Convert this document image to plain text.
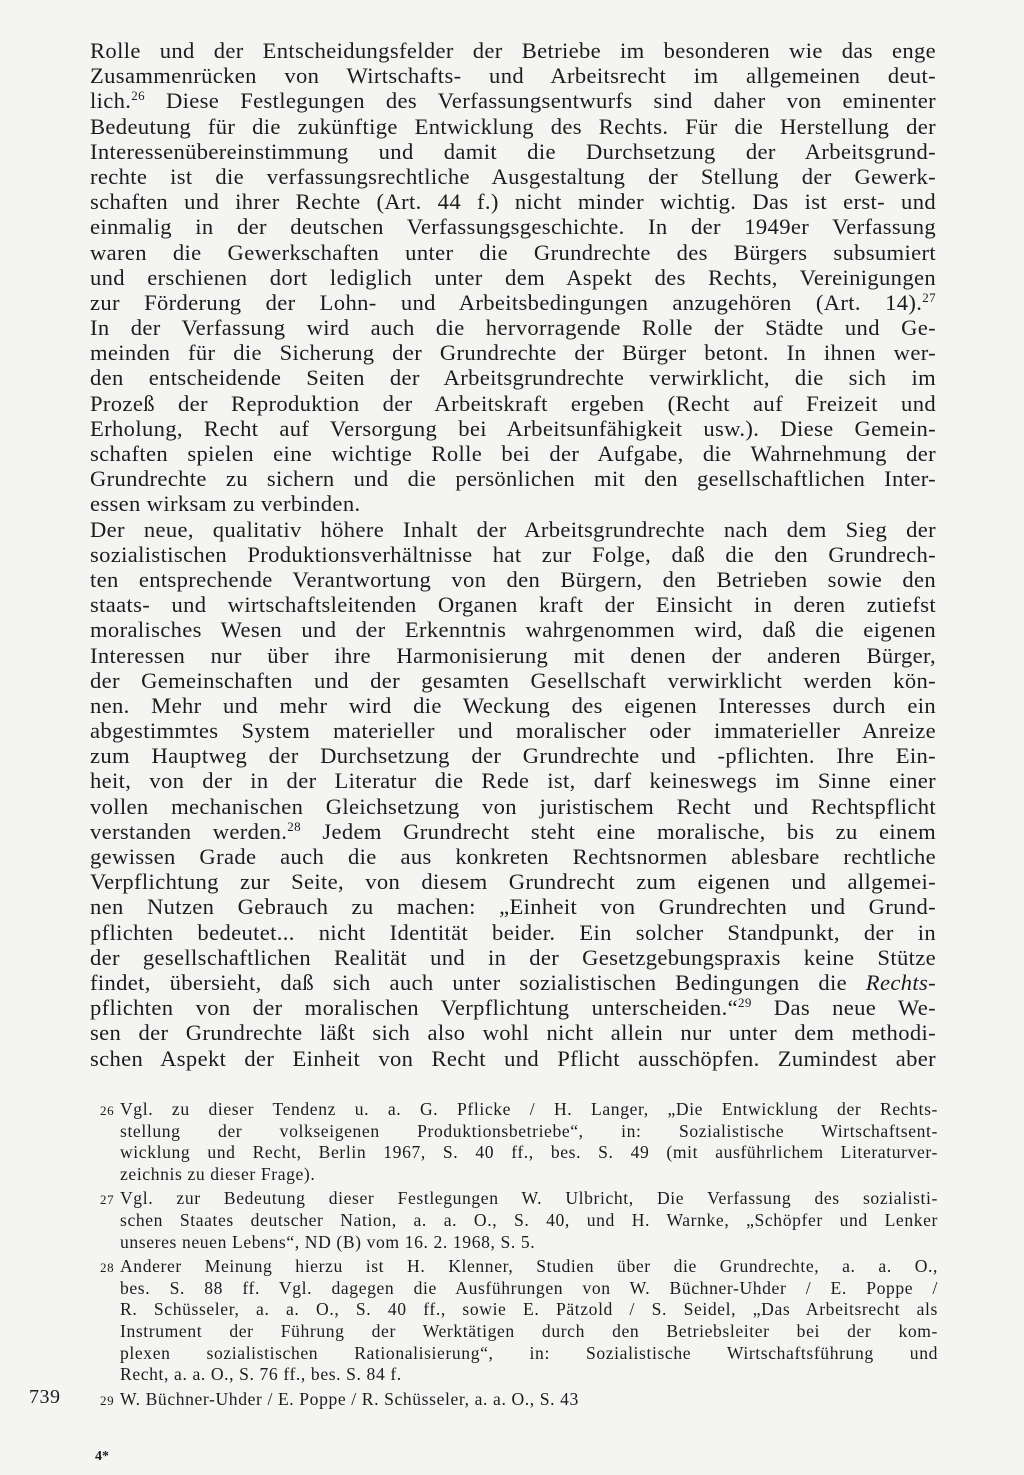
Rolle und der Entscheidungsfelder der Betriebe im besonderen wie das enge
Zusammenrücken von Wirtschafts- und Arbeitsrecht im allgemeinen deut-
lich.$^{26}$ Diese Festlegungen des Verfassungsentwurfs sind daher von eminenter
Bedeutung für die zukünftige Entwicklung des Rechts. Für die Herstellung der
Interessenübereinstimmung und damit die Durchsetzung der Arbeitsgrund-
rechte ist die verfassungsrechtliche Ausgestaltung der Stellung der Gewerk-
schaften und ihrer Rechte (Art. 44 f.) nicht minder wichtig. Das ist erst- und
einmalig in der deutschen Verfassungsgeschichte. In der 1949er Verfassung
waren die Gewerkschaften unter die Grundrechte des Bürgers subsumiert
und erschienen dort lediglich unter dem Aspekt des Rechts, Vereinigungen
zur Förderung der Lohn- und Arbeitsbedingungen anzugehören (Art. 14).$^{27}$
In der Verfassung wird auch die hervorragende Rolle der Städte und Ge-
meinden für die Sicherung der Grundrechte der Bürger betont. In ihnen wer-
den entscheidende Seiten der Arbeitsgrundrechte verwirklicht, die sich im
Prozeß der Reproduktion der Arbeitskraft ergeben (Recht auf Freizeit und
Erholung, Recht auf Versorgung bei Arbeitsunfähigkeit usw.). Diese Gemein-
schaften spielen eine wichtige Rolle bei der Aufgabe, die Wahrnehmung der
Grundrechte zu sichern und die persönlichen mit den gesellschaftlichen Inter-
essen wirksam zu verbinden.
Der neue, qualitativ höhere Inhalt der Arbeitsgrundrechte nach dem Sieg der
sozialistischen Produktionsverhältnisse hat zur Folge, daß die den Grundrech-
ten entsprechende Verantwortung von den Bürgern, den Betrieben sowie den
staats- und wirtschaftsleitenden Organen kraft der Einsicht in deren zutiefst
moralisches Wesen und der Erkenntnis wahrgenommen wird, daß die eigenen
Interessen nur über ihre Harmonisierung mit denen der anderen Bürger,
der Gemeinschaften und der gesamten Gesellschaft verwirklicht werden kön-
nen. Mehr und mehr wird die Weckung des eigenen Interesses durch ein
abgestimmtes System materieller und moralischer oder immaterieller Anreize
zum Hauptweg der Durchsetzung der Grundrechte und -pflichten. Ihre Ein-
heit, von der in der Literatur die Rede ist, darf keineswegs im Sinne einer
vollen mechanischen Gleichsetzung von juristischem Recht und Rechtspflicht
verstanden werden.$^{28}$ Jedem Grundrecht steht eine moralische, bis zu einem
gewissen Grade auch die aus konkreten Rechtsnormen ablesbare rechtliche
Verpflichtung zur Seite, von diesem Grundrecht zum eigenen und allgemei-
nen Nutzen Gebrauch zu machen: „Einheit von Grundrechten und Grund-
pflichten bedeutet... nicht Identität beider. Ein solcher Standpunkt, der in
der gesellschaftlichen Realität und in der Gesetzgebungspraxis keine Stütze
findet, übersieht, daß sich auch unter sozialistischen Bedingungen die Rechts-
pflichten von der moralischen Verpflichtung unterscheiden.“$^{29}$ Das neue We-
sen der Grundrechte läßt sich also wohl nicht allein nur unter dem methodi-
schen Aspekt der Einheit von Recht und Pflicht ausschöpfen. Zumindest aber
26 Vgl. zu dieser Tendenz u. a. G. Pflicke / H. Langer, „Die Entwicklung der Rechts-
stellung der volkseigenen Produktionsbetriebe“, in: Sozialistische Wirtschaftsent-
wicklung und Recht, Berlin 1967, S. 40 ff., bes. S. 49 (mit ausführlichem Literaturver-
zeichnis zu dieser Frage).
27 Vgl. zur Bedeutung dieser Festlegungen W. Ulbricht, Die Verfassung des sozialisti-
schen Staates deutscher Nation, a. a. O., S. 40, und H. Warnke, „Schöpfer und Lenker
unseres neuen Lebens“, ND (B) vom 16. 2. 1968, S. 5.
28 Anderer Meinung hierzu ist H. Klenner, Studien über die Grundrechte, a. a. O.,
bes. S. 88 ff. Vgl. dagegen die Ausführungen von W. Büchner-Uhder / E. Poppe /
R. Schüsseler, a. a. O., S. 40 ff., sowie E. Pätzold / S. Seidel, „Das Arbeitsrecht als
Instrument der Führung der Werktätigen durch den Betriebsleiter bei der kom-
plexen sozialistischen Rationalisierung“, in: Sozialistische Wirtschaftsführung und
Recht, a. a. O., S. 76 ff., bes. S. 84 f.
29 W. Büchner-Uhder / E. Poppe / R. Schüsseler, a. a. O., S. 43
739
4*
